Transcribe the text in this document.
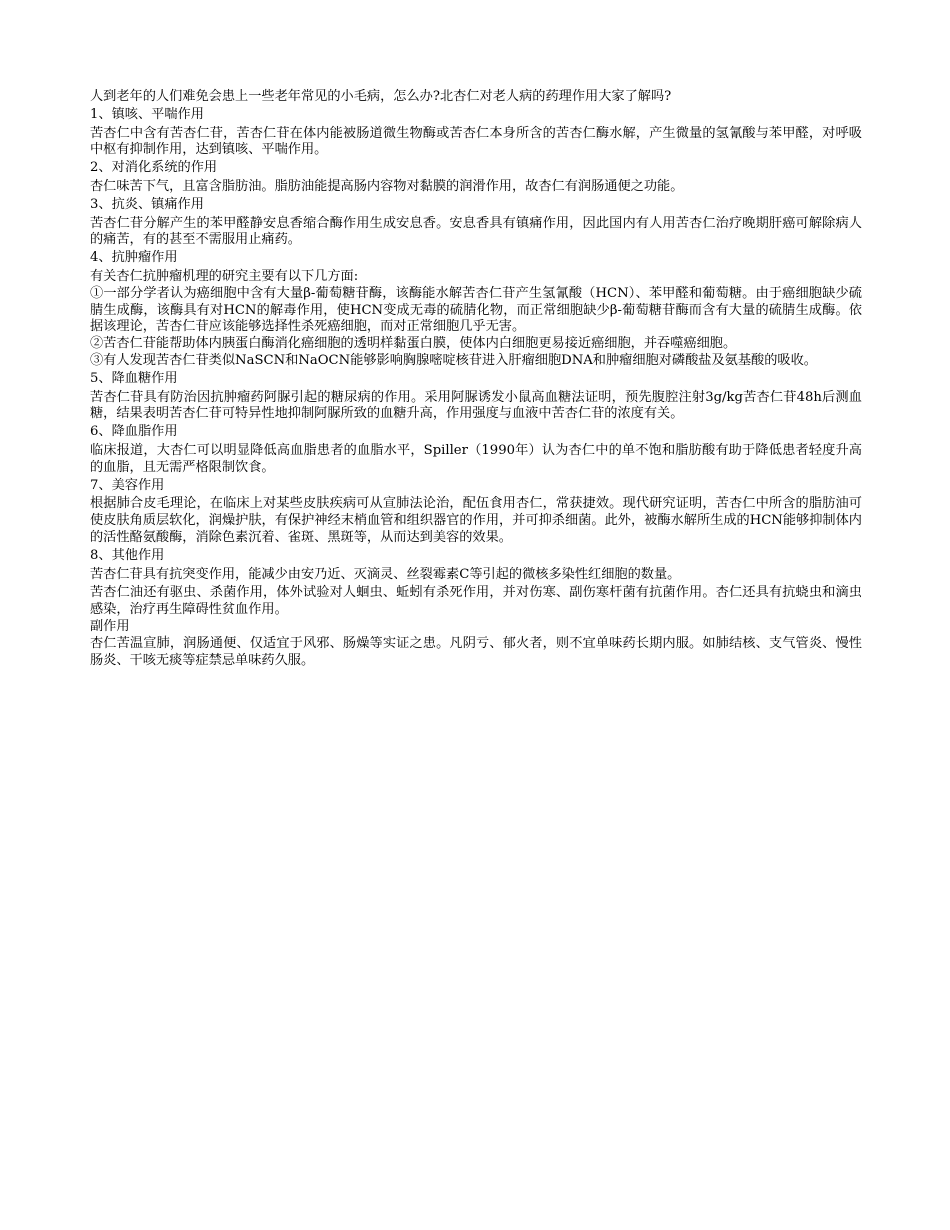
人到老年的人们难免会患上一些老年常见的小毛病，怎么办?北杏仁对老人病的药理作用大家了解吗?

1、镇咳、平喘作用

苦杏仁中含有苦杏仁苷，苦杏仁苷在体内能被肠道微生物酶或苦杏仁本身所含的苦杏仁酶水解，产生微量的氢氰酸与苯甲醛，对呼吸中枢有抑制作用，达到镇咳、平喘作用。

2、对消化系统的作用

杏仁味苦下气，且富含脂肪油。脂肪油能提高肠内容物对黏膜的润滑作用，故杏仁有润肠通便之功能。

3、抗炎、镇痛作用

苦杏仁苷分解产生的苯甲醛静安息香缩合酶作用生成安息香。安息香具有镇痛作用，因此国内有人用苦杏仁治疗晚期肝癌可解除病人的痛苦，有的甚至不需服用止痛药。

4、抗肿瘤作用

有关杏仁抗肿瘤机理的研究主要有以下几方面:

①一部分学者认为癌细胞中含有大量β-葡萄糖苷酶，该酶能水解苦杏仁苷产生氢氰酸（HCN）、苯甲醛和葡萄糖。由于癌细胞缺少硫腈生成酶，该酶具有对HCN的解毒作用，使HCN变成无毒的硫腈化物，而正常细胞缺少β-葡萄糖苷酶而含有大量的硫腈生成酶。依据该理论，苦杏仁苷应该能够选择性杀死癌细胞，而对正常细胞几乎无害。

②苦杏仁苷能帮助体内胰蛋白酶消化癌细胞的透明样黏蛋白膜，使体内白细胞更易接近癌细胞，并吞噬癌细胞。

③有人发现苦杏仁苷类似NaSCN和NaOCN能够影响胸腺嘧啶核苷进入肝瘤细胞DNA和肿瘤细胞对磷酸盐及氨基酸的吸收。

5、降血糖作用

苦杏仁苷具有防治因抗肿瘤药阿脲引起的糖尿病的作用。采用阿脲诱发小鼠高血糖法证明，预先腹腔注射3g/kg苦杏仁苷48h后测血糖，结果表明苦杏仁苷可特异性地抑制阿脲所致的血糖升高，作用强度与血液中苦杏仁苷的浓度有关。

6、降血脂作用

临床报道，大杏仁可以明显降低高血脂患者的血脂水平，Spiller（1990年）认为杏仁中的单不饱和脂肪酸有助于降低患者轻度升高的血脂，且无需严格限制饮食。

7、美容作用

根据肺合皮毛理论，在临床上对某些皮肤疾病可从宣肺法论治，配伍食用杏仁，常获捷效。现代研究证明，苦杏仁中所含的脂肪油可使皮肤角质层软化，润燥护肤，有保护神经末梢血管和组织器官的作用，并可抑杀细菌。此外，被酶水解所生成的HCN能够抑制体内的活性酪氨酸酶，消除色素沉着、雀斑、黑斑等，从而达到美容的效果。

8、其他作用

苦杏仁苷具有抗突变作用，能减少由安乃近、灭滴灵、丝裂霉素C等引起的微核多染性红细胞的数量。

苦杏仁油还有驱虫、杀菌作用，体外试验对人蛔虫、蚯蚓有杀死作用，并对伤寒、副伤寒杆菌有抗菌作用。杏仁还具有抗蛲虫和滴虫感染，治疗再生障碍性贫血作用。

副作用

杏仁苦温宣肺，润肠通便、仅适宜于风邪、肠燥等实证之患。凡阴亏、郁火者，则不宜单味药长期内服。如肺结核、支气管炎、慢性肠炎、干咳无痰等症禁忌单味药久服。
